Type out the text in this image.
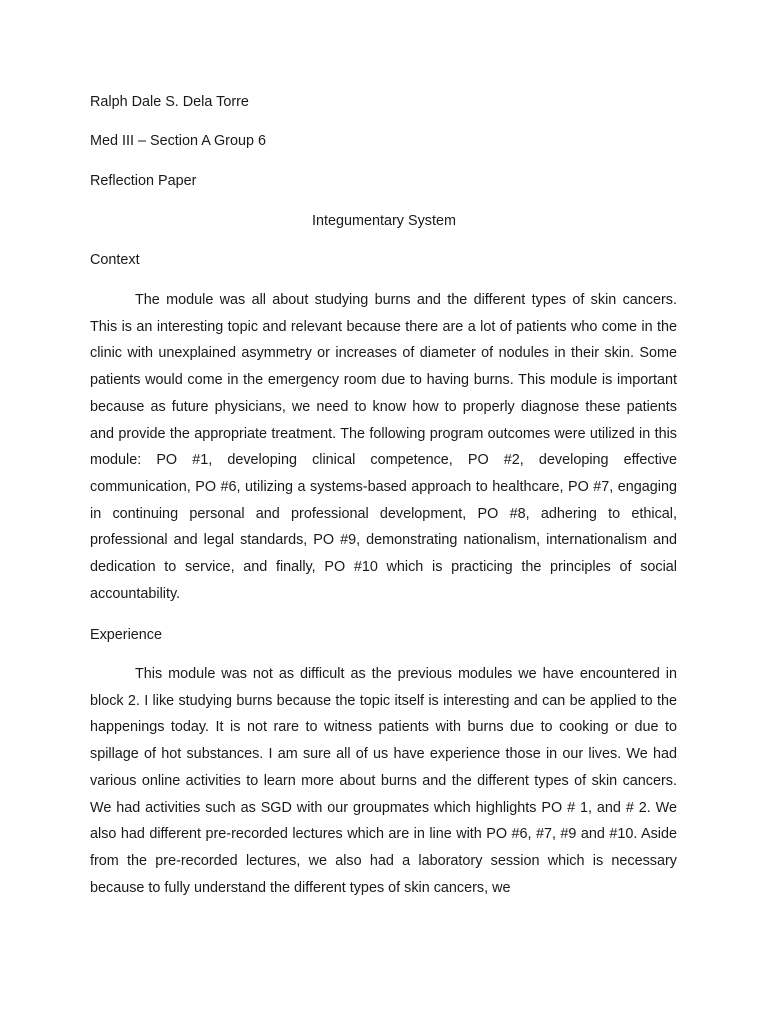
Ralph Dale S. Dela Torre

Med III – Section A Group 6

Reflection Paper

Integumentary System

Context

The module was all about studying burns and the different types of skin cancers. This is an interesting topic and relevant because there are a lot of patients who come in the clinic with unexplained asymmetry or increases of diameter of nodules in their skin. Some patients would come in the emergency room due to having burns. This module is important because as future physicians, we need to know how to properly diagnose these patients and provide the appropriate treatment. The following program outcomes were utilized in this module: PO #1, developing clinical competence, PO #2, developing effective communication, PO #6, utilizing a systems-based approach to healthcare, PO #7, engaging in continuing personal and professional development, PO #8, adhering to ethical, professional and legal standards, PO #9, demonstrating nationalism, internationalism and dedication to service, and finally, PO #10 which is practicing the principles of social accountability.

Experience

This module was not as difficult as the previous modules we have encountered in block 2. I like studying burns because the topic itself is interesting and can be applied to the happenings today. It is not rare to witness patients with burns due to cooking or due to spillage of hot substances. I am sure all of us have experience those in our lives. We had various online activities to learn more about burns and the different types of skin cancers. We had activities such as SGD with our groupmates which highlights PO # 1, and # 2. We also had different pre-recorded lectures which are in line with PO #6, #7, #9 and #10. Aside from the pre-recorded lectures, we also had a laboratory session which is necessary because to fully understand the different types of skin cancers, we
